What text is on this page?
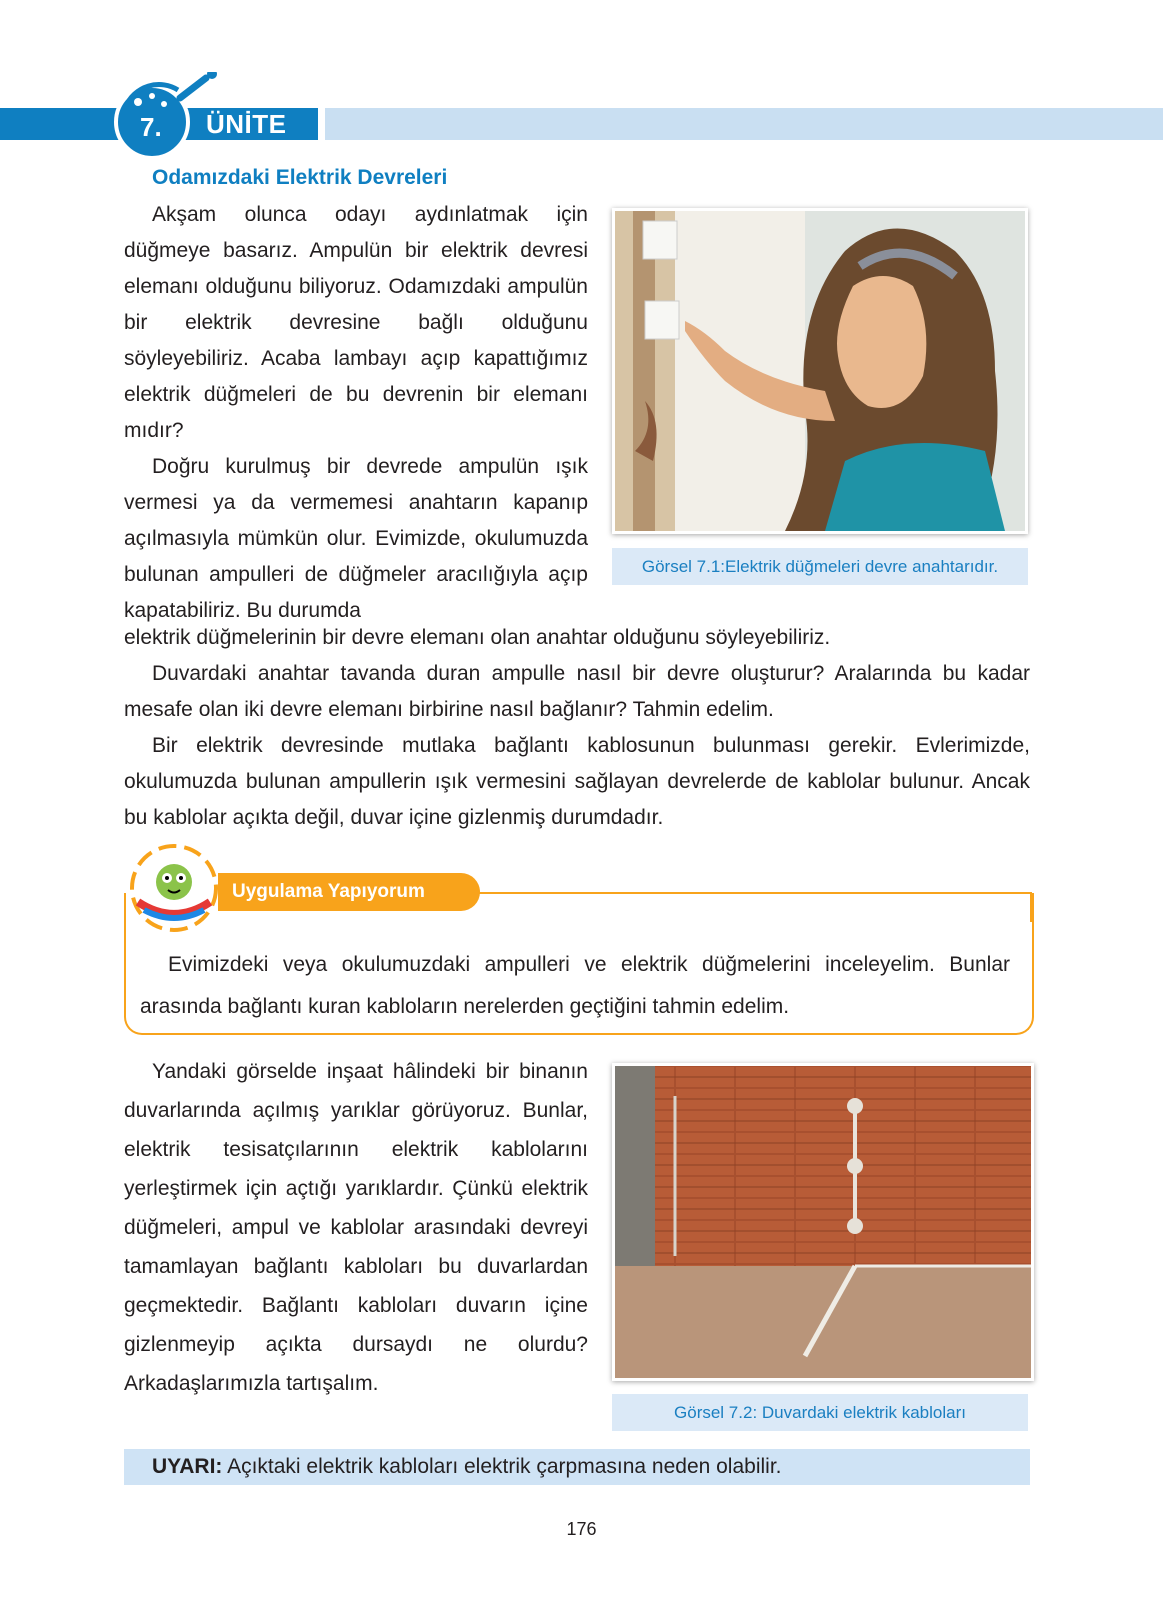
7. ÜNİTE
Odamızdaki Elektrik Devreleri

Akşam olunca odayı aydınlatmak için düğmeye basarız. Ampulün bir elektrik devresi elemanı olduğunu biliyoruz. Odamızdaki ampulün bir elektrik devresine bağlı olduğunu söyleyebiliriz. Acaba lambayı açıp kapattığımız elektrik düğmeleri de bu devrenin bir elemanı mıdır?

Doğru kurulmuş bir devrede ampulün ışık vermesi ya da vermemesi anahtarın kapanıp açılmasıyla mümkün olur. Evimizde, okulumuzda bulunan ampulleri de düğmeler aracılığıyla açıp kapatabiliriz. Bu durumda

Görsel 7.1:Elektrik düğmeleri devre anahtarıdır.

elektrik düğmelerinin bir devre elemanı olan anahtar olduğunu söyleyebiliriz.

Duvardaki anahtar tavanda duran ampulle nasıl bir devre oluşturur? Aralarında bu kadar mesafe olan iki devre elemanı birbirine nasıl bağlanır? Tahmin edelim.

Bir elektrik devresinde mutlaka bağlantı kablosunun bulunması gerekir. Evlerimizde, okulumuzda bulunan ampullerin ışık vermesini sağlayan devrelerde de kablolar bulunur. Ancak bu kablolar açıkta değil, duvar içine gizlenmiş durumdadır.

Uygulama Yapıyorum

Evimizdeki veya okulumuzdaki ampulleri ve elektrik düğmelerini inceleyelim. Bunlar arasında bağlantı kuran kabloların nerelerden geçtiğini tahmin edelim.

Yandaki görselde inşaat hâlindeki bir binanın duvarlarında açılmış yarıklar görüyoruz. Bunlar, elektrik tesisatçılarının elektrik kablolarını yerleştirmek için açtığı yarıklardır. Çünkü elektrik düğmeleri, ampul ve kablolar arasındaki devreyi tamamlayan bağlantı kabloları bu duvarlardan geçmektedir. Bağlantı kabloları duvarın içine gizlenmeyip açıkta dursaydı ne olurdu? Arkadaşlarımızla tartışalım.

Görsel 7.2: Duvardaki elektrik kabloları
UYARI: Açıktaki elektrik kabloları elektrik çarpmasına neden olabilir.
176
